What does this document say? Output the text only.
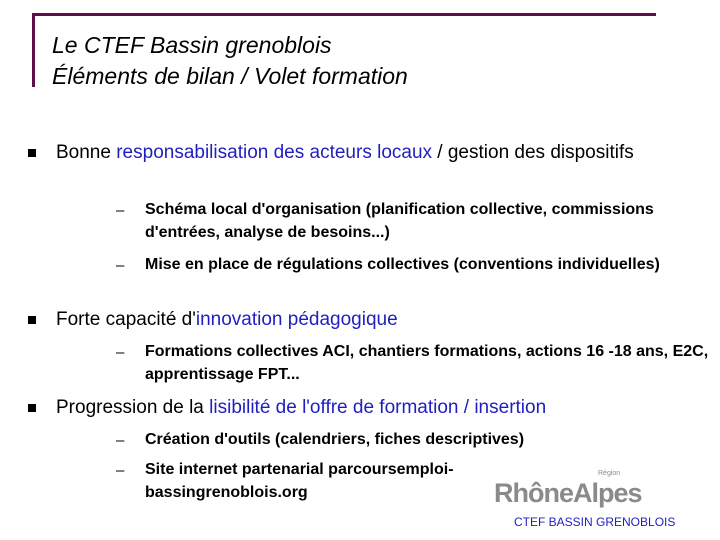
Le CTEF Bassin grenoblois
Éléments de bilan / Volet formation
Bonne responsabilisation des acteurs locaux / gestion des dispositifs
– Schéma local d'organisation (planification collective, commissions d'entrées, analyse de besoins...)
– Mise en place de régulations collectives (conventions individuelles)
Forte capacité d'innovation pédagogique
– Formations collectives ACI, chantiers formations, actions 16 -18 ans, E2C, apprentissage FPT...
Progression de la lisibilité de l'offre de formation / insertion
– Création d'outils (calendriers, fiches descriptives)
– Site internet partenarial parcoursemploi-bassingrenoblois.org
Région
RhôneAlpes
CTEF BASSIN GRENOBLOIS
